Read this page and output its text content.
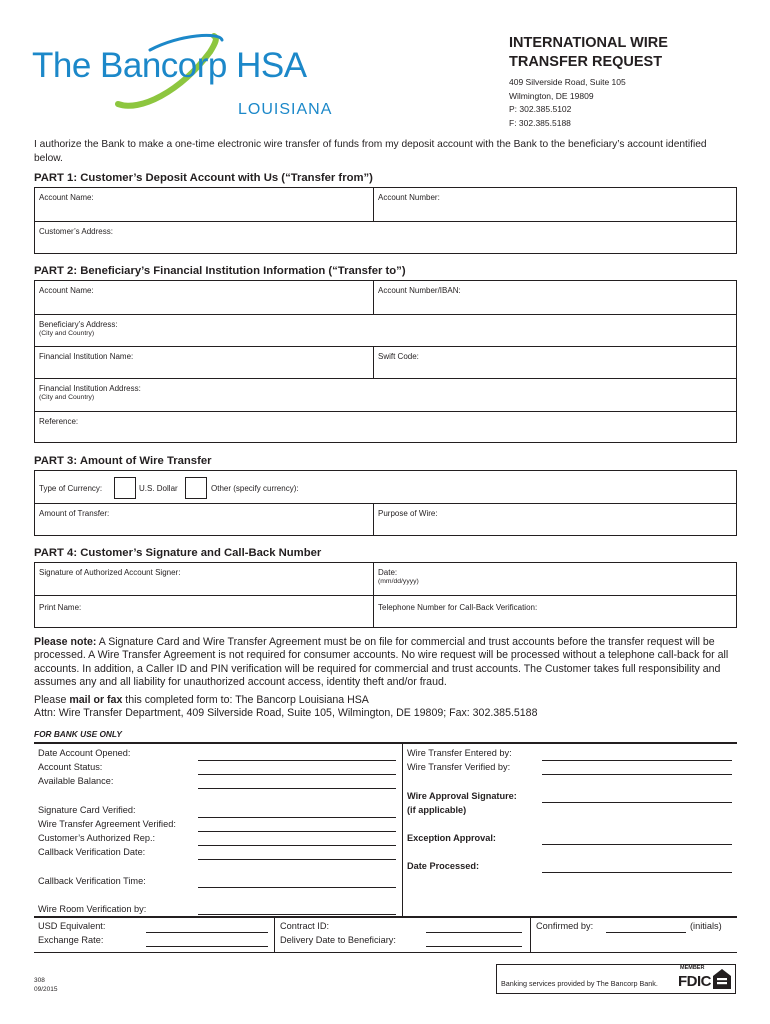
The Bancorp HSA
LOUISIANA
INTERNATIONAL WIRE
TRANSFER REQUEST
409 Silverside Road, Suite 105
Wilmington, DE 19809
P: 302.385.5102
F: 302.385.5188
I authorize the Bank to make a one-time electronic wire transfer of funds from my deposit account with the Bank to the beneficiary’s account identified below.
PART 1: Customer’s Deposit Account with Us (“Transfer from”)
Account Name:	Account Number:
Customer’s Address:
PART 2: Beneficiary’s Financial Institution Information (“Transfer to”)
Account Name:	Account Number/IBAN:
Beneficiary’s Address:
(City and Country)
Financial Institution Name:	Swift Code:
Financial Institution Address:
(City and Country)
Reference:
PART 3: Amount of Wire Transfer
Type of Currency:	U.S. Dollar	Other (specify currency):
Amount of Transfer:	Purpose of Wire:
PART 4: Customer’s Signature and Call-Back Number
Signature of Authorized Account Signer:	Date:
(mm/dd/yyyy)
Print Name:	Telephone Number for Call-Back Verification:
Please note: A Signature Card and Wire Transfer Agreement must be on file for commercial and trust accounts before the transfer request will be processed. A Wire Transfer Agreement is not required for consumer accounts. No wire request will be processed without a telephone call-back for all accounts. In addition, a Caller ID and PIN verification will be required for commercial and trust accounts. The Customer takes full responsibility and assumes any and all liability for unauthorized account access, identity theft and/or fraud.
Please mail or fax this completed form to: The Bancorp Louisiana HSA
Attn: Wire Transfer Department, 409 Silverside Road, Suite 105, Wilmington, DE 19809; Fax: 302.385.5188
FOR BANK USE ONLY
Date Account Opened:
Account Status:
Available Balance:
Signature Card Verified:
Wire Transfer Agreement Verified:
Customer’s Authorized Rep.:
Callback Verification Date:
Callback Verification Time:
Wire Room Verification by:
Wire Transfer Entered by:
Wire Transfer Verified by:
Wire Approval Signature:
(if applicable)
Exception Approval:
Date Processed:
USD Equivalent:
Exchange Rate:
Contract ID:
Delivery Date to Beneficiary:
Confirmed by:	(initials)
308
09/2015
Banking services provided by The Bancorp Bank.
MEMBER
FDIC
